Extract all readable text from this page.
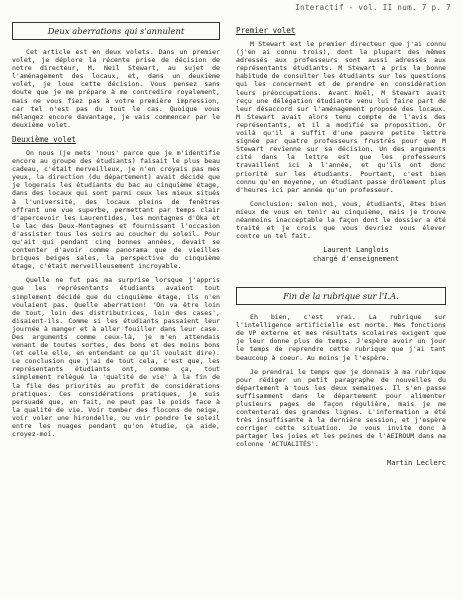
Interactif - vol. II num. 7 p. 7
Deux aberrations qui s'annulent

Cet article est en deux volets. Dans un premier volet, je déplore la récente prise de décision de notre directeur, M. Neil Stewart, au sujet de l'aménagement des locaux, et, dans un deuxième volet, je loue cette décision. Vous pensez sans doute que je me prépare à me contredire royalement, mais ne vous fiez pas à votre première impression, car tel n'est pas du tout le cas. Quoique vous mélangez encore davantage, je vais commencer par le deuxième volet.

Deuxième volet

On nous (je mets 'nous' parce que je m'identifie encore au groupe des étudiants) faisait le plus beau cadeau, c'était merveilleux, je n'en croyais pas mes yeux, la direction (du département) avait décidé que je logerais les étudiants du bac au cinquième étage, dans des locaux qui sont parmi ceux les mieux situés à l'université, des locaux pleins de fenêtres offrant une vue superbe, permettant par temps clair d'apercevoir les Laurentides, les montagnes d'Oka et le lac des Deux-Montagnes et fournissant l'occasion d'assister tous les soirs au coucher du soleil. Pour qu'ait qui pendant cinq bonnes années, devait se contenter d'avoir comme panorama que de vieilles briques beiges sales, la perspective du cinquième étage, c'était merveilleusement incroyable.

Quelle ne fut pas ma surprise lorsque j'appris que les représentants étudiants avaient tout simplement décidé que du cinquième étage, ils n'en voulaient pas. Quelle aberration! 'On va être loin de tout, loin des distributrices, loin des cases', disaient-ils. Comme si les étudiants passaient leur journée à manger et à aller fouiller dans leur case. Des arguments comme ceux-là, je m'en attendais venant de toutes sortes, des bons et des moins bons (et celle elle, en entendant ce qu'il voulait dire). Le conclusion que j'ai de tout cela, c'est que, les représentants étudiants ont, comme ça, tout simplement relégué la 'qualité de vie' à la fin de la file des priorités au profit de considérations pratiques. Ces considérations pratiques, je suis persuadé que, en fait, ne peut pas le poids face à la qualité de vie. Voir tomber des flocons de neige, voir voler une hirondelle, ou voir pondre le soleil entre les nuages pendant qu'on étudie, ça aide, croyez-moi.

Premier volet

M Stewart est le premier directeur que j'ai connu (j'en ai connu trois), dont la plupart des mêmes adressés aux professeurs sont aussi adressés aux représentants étudiants. M Stewart a pris la bonne habitude de consulter les étudiants sur les questions qui les concernent et de prendre en considération leurs préoccupations. Avant Noël, M Stewart avait reçu une délégation étudiante venu lui faire part de leur désaccord sur l'aménagement proposé des locaux. M Stewart avait alors tenu compte de l'avis des représentants, et il a modifié sa proposition. Or voilà qu'il a suffit d'une pauvre petite lettre signée par quatre professeurs frustrés pour que M Stewart revienne sur sa décision. Un des arguments cité dans la lettre est que les professeurs travaillent ici à l'année, et qu'ils ont donc priorité sur les étudiants. Pourtant, c'est bien connu qu'en moyenne, un étudiant passe drôlement plus d'heures ici par année qu'un professeur.

Conclusion: selon moi, vous, étudiants, êtes bien mieux de vous en tenir au cinquième, mais je trouve néanmoins inacceptable la façon dont le dossier a été traité et je crois que vous devriez vous élever contre un tel fait.

Laurent Langlois
chargé d'enseignement
Fin de la rubrique sur l'I.A.

Eh bien, c'est vrai. La rubrique sur l'intelligence artificielle est morte. Mes fonctions de VP externe et mes résultats scolaires exigent que je leur donne plus de temps. J'espère avoir un jour le temps de reprendre cette rubrique que j'ai tant beaucoup à coeur. Au moins je l'espère.

Je prendrai le temps que je donnais à ma rubrique pour rédiger un petit paragraphe de nouvelles du département à tous les deux semaines. Il s'en passe suffisamment dans le département pour alimenter plusieurs pages de façon régulière, mais je me contenterai des grandes lignes. L'information a été très insuffisante à la dernière session, et j'espère corriger cette situation. Je vous invite donc à partager les joies et les peines de l'AEIROUM dans ma colonne 'ACTUALITÉS'.

Martin Leclerc
